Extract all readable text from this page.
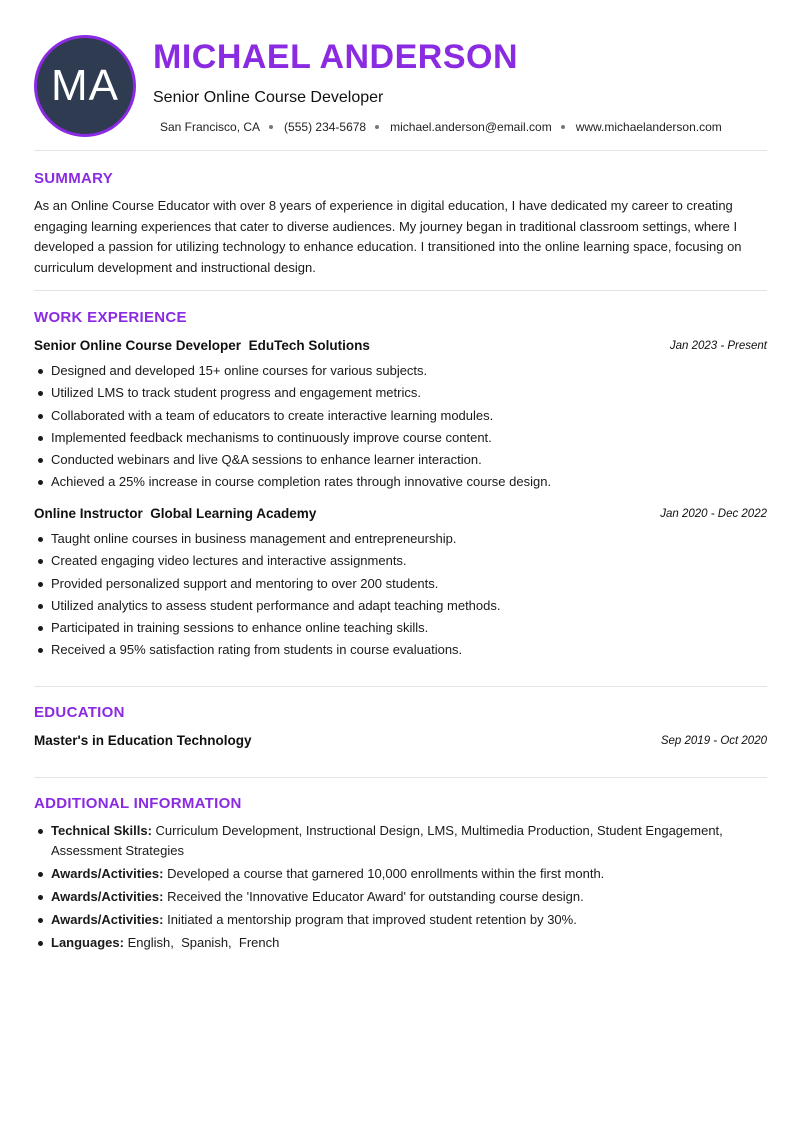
MA
MICHAEL ANDERSON
Senior Online Course Developer
San Francisco, CA (555) 234-5678 michael.anderson@email.com www.michaelanderson.com
SUMMARY

As an Online Course Educator with over 8 years of experience in digital education, I have dedicated my career to creating engaging learning experiences that cater to diverse audiences. My journey began in traditional classroom settings, where I developed a passion for utilizing technology to enhance education. I transitioned into the online learning space, focusing on curriculum development and instructional design.

WORK EXPERIENCE
Senior Online Course Developer EduTech Solutions	Jan 2023 - Present
Designed and developed 15+ online courses for various subjects.
Utilized LMS to track student progress and engagement metrics.
Collaborated with a team of educators to create interactive learning modules.
Implemented feedback mechanisms to continuously improve course content.
Conducted webinars and live Q&A sessions to enhance learner interaction.
Achieved a 25% increase in course completion rates through innovative course design.
Online Instructor Global Learning Academy	Jan 2020 - Dec 2022
Taught online courses in business management and entrepreneurship.
Created engaging video lectures and interactive assignments.
Provided personalized support and mentoring to over 200 students.
Utilized analytics to assess student performance and adapt teaching methods.
Participated in training sessions to enhance online teaching skills.
Received a 95% satisfaction rating from students in course evaluations.
EDUCATION
Master's in Education Technology	Sep 2019 - Oct 2020
ADDITIONAL INFORMATION
Technical Skills: Curriculum Development, Instructional Design, LMS, Multimedia Production, Student Engagement, Assessment Strategies
Awards/Activities: Developed a course that garnered 10,000 enrollments within the first month.
Awards/Activities: Received the 'Innovative Educator Award' for outstanding course design.
Awards/Activities: Initiated a mentorship program that improved student retention by 30%.
Languages: English,  Spanish,  French
